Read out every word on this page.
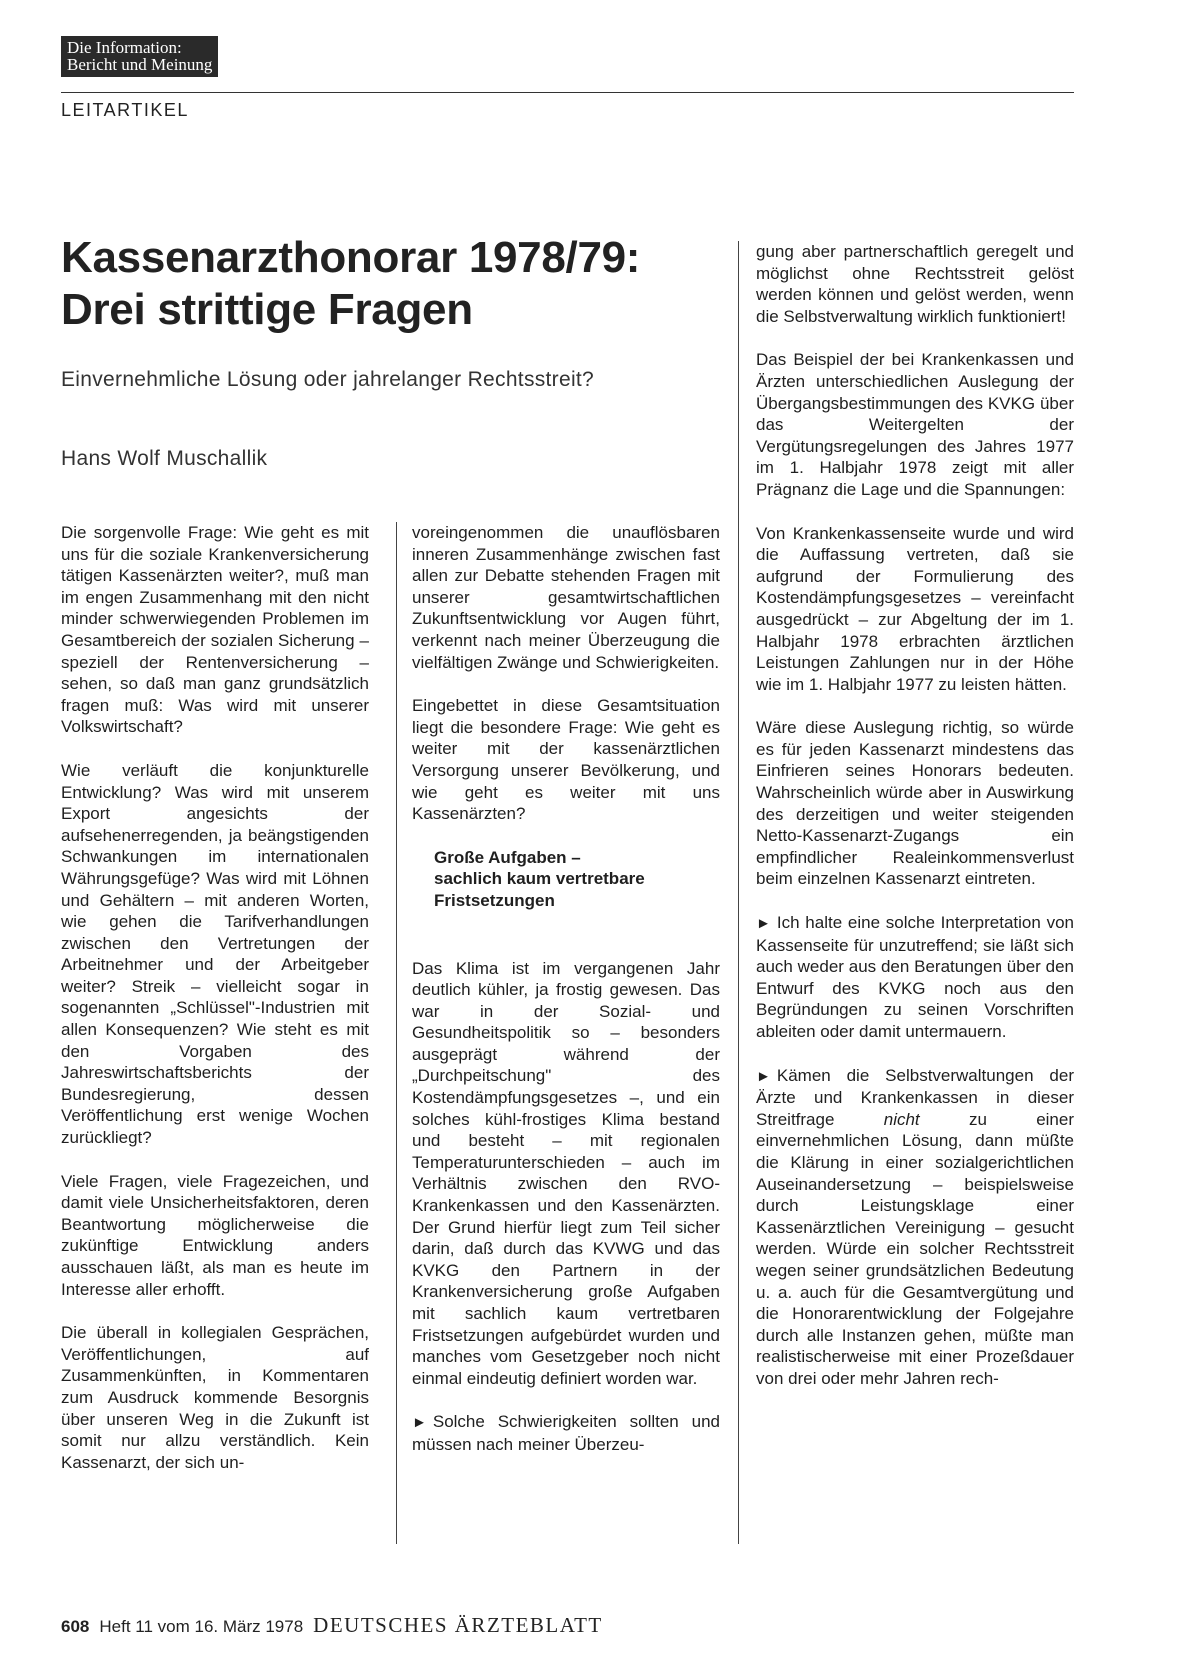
Die Information:
Bericht und Meinung
LEITARTIKEL
Kassenarzthonorar 1978/79:
Drei strittige Fragen
Einvernehmliche Lösung oder jahrelanger Rechtsstreit?
Hans Wolf Muschallik

Die sorgenvolle Frage: Wie geht es mit uns für die soziale Krankenversicherung tätigen Kassenärzten weiter?, muß man im engen Zusammenhang mit den nicht minder schwerwiegenden Problemen im Gesamtbereich der sozialen Sicherung – speziell der Rentenversicherung – sehen, so daß man ganz grundsätzlich fragen muß: Was wird mit unserer Volkswirtschaft?

Wie verläuft die konjunkturelle Entwicklung? Was wird mit unserem Export angesichts der aufsehenerregenden, ja beängstigenden Schwankungen im internationalen Währungsgefüge? Was wird mit Löhnen und Gehältern – mit anderen Worten, wie gehen die Tarifverhandlungen zwischen den Vertretungen der Arbeitnehmer und der Arbeitgeber weiter? Streik – vielleicht sogar in sogenannten „Schlüssel"-Industrien mit allen Konsequenzen? Wie steht es mit den Vorgaben des Jahreswirtschaftsberichts der Bundesregierung, dessen Veröffentlichung erst wenige Wochen zurückliegt?

Viele Fragen, viele Fragezeichen, und damit viele Unsicherheitsfaktoren, deren Beantwortung möglicherweise die zukünftige Entwicklung anders ausschauen läßt, als man es heute im Interesse aller erhofft.

Die überall in kollegialen Gesprächen, Veröffentlichungen, auf Zusammenkünften, in Kommentaren zum Ausdruck kommende Besorgnis über unseren Weg in die Zukunft ist somit nur allzu verständlich. Kein Kassenarzt, der sich un-

voreingenommen die unauflösbaren inneren Zusammenhänge zwischen fast allen zur Debatte stehenden Fragen mit unserer gesamtwirtschaftlichen Zukunftsentwicklung vor Augen führt, verkennt nach meiner Überzeugung die vielfältigen Zwänge und Schwierigkeiten.

Eingebettet in diese Gesamtsituation liegt die besondere Frage: Wie geht es weiter mit der kassenärztlichen Versorgung unserer Bevölkerung, und wie geht es weiter mit uns Kassenärzten?

Große Aufgaben –
sachlich kaum vertretbare
Fristsetzungen

Das Klima ist im vergangenen Jahr deutlich kühler, ja frostig gewesen. Das war in der Sozial- und Gesundheitspolitik so – besonders ausgeprägt während der „Durchpeitschung" des Kostendämpfungsgesetzes –, und ein solches kühl-frostiges Klima bestand und besteht – mit regionalen Temperaturunterschieden – auch im Verhältnis zwischen den RVO-Krankenkassen und den Kassenärzten. Der Grund hierfür liegt zum Teil sicher darin, daß durch das KVWG und das KVKG den Partnern in der Krankenversicherung große Aufgaben mit sachlich kaum vertretbaren Fristsetzungen aufgebürdet wurden und manches vom Gesetzgeber noch nicht einmal eindeutig definiert worden war.

► Solche Schwierigkeiten sollten und müssen nach meiner Überzeu-

gung aber partnerschaftlich geregelt und möglichst ohne Rechtsstreit gelöst werden können und gelöst werden, wenn die Selbstverwaltung wirklich funktioniert!

Das Beispiel der bei Krankenkassen und Ärzten unterschiedlichen Auslegung der Übergangsbestimmungen des KVKG über das Weitergelten der Vergütungsregelungen des Jahres 1977 im 1. Halbjahr 1978 zeigt mit aller Prägnanz die Lage und die Spannungen:

Von Krankenkassenseite wurde und wird die Auffassung vertreten, daß sie aufgrund der Formulierung des Kostendämpfungsgesetzes – vereinfacht ausgedrückt – zur Abgeltung der im 1. Halbjahr 1978 erbrachten ärztlichen Leistungen Zahlungen nur in der Höhe wie im 1. Halbjahr 1977 zu leisten hätten.

Wäre diese Auslegung richtig, so würde es für jeden Kassenarzt mindestens das Einfrieren seines Honorars bedeuten. Wahrscheinlich würde aber in Auswirkung des derzeitigen und weiter steigenden Netto-Kassenarzt-Zugangs ein empfindlicher Realeinkommensverlust beim einzelnen Kassenarzt eintreten.

► Ich halte eine solche Interpretation von Kassenseite für unzutreffend; sie läßt sich auch weder aus den Beratungen über den Entwurf des KVKG noch aus den Begründungen zu seinen Vorschriften ableiten oder damit untermauern.

► Kämen die Selbstverwaltungen der Ärzte und Krankenkassen in dieser Streitfrage nicht zu einer einvernehmlichen Lösung, dann müßte die Klärung in einer sozialgerichtlichen Auseinandersetzung – beispielsweise durch Leistungsklage einer Kassenärztlichen Vereinigung – gesucht werden. Würde ein solcher Rechtsstreit wegen seiner grundsätzlichen Bedeutung u. a. auch für die Gesamtvergütung und die Honorarentwicklung der Folgejahre durch alle Instanzen gehen, müßte man realistischerweise mit einer Prozeßdauer von drei oder mehr Jahren rech-

608 Heft 11 vom 16. März 1978 DEUTSCHES ÄRZTEBLATT
